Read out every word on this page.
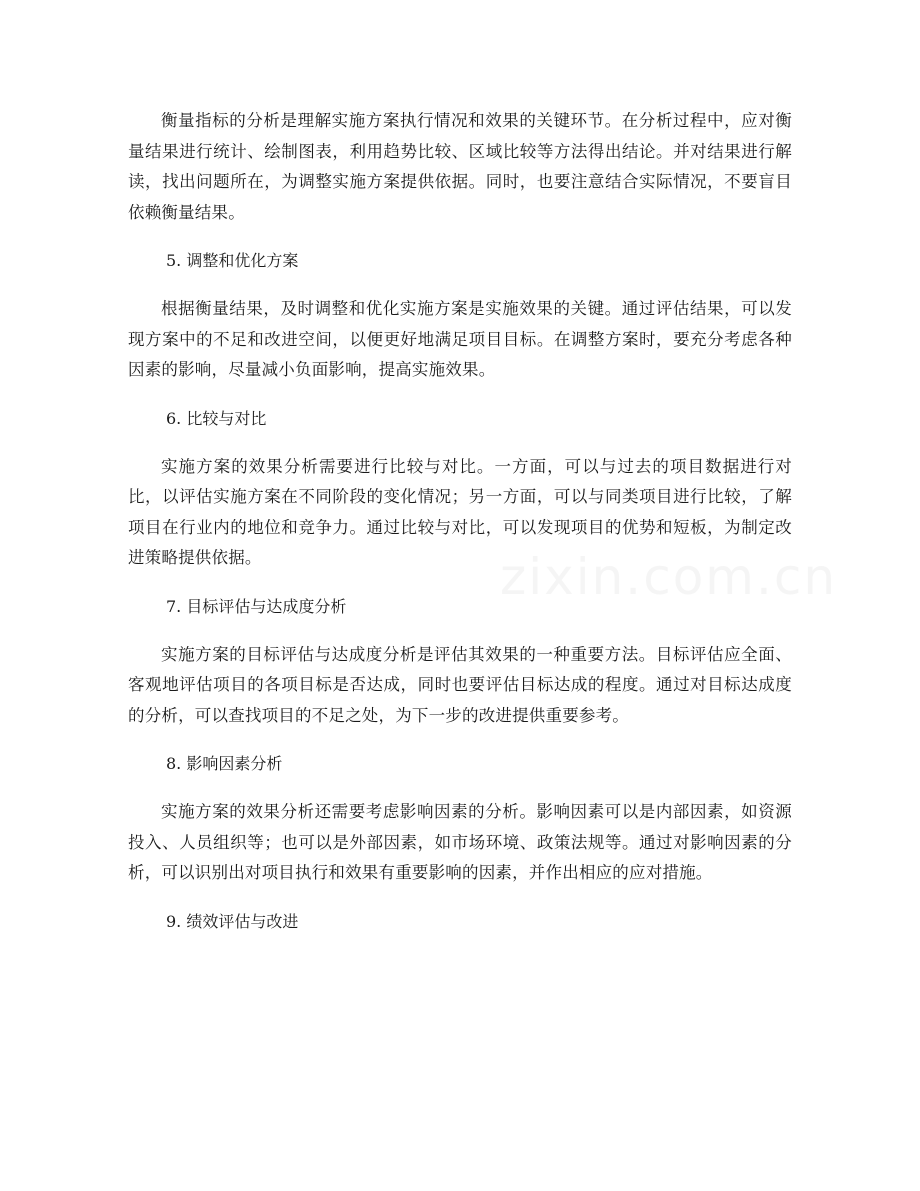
zixin.com.cn

衡量指标的分析是理解实施方案执行情况和效果的关键环节。在分析过程中，应对衡量结果进行统计、绘制图表，利用趋势比较、区域比较等方法得出结论。并对结果进行解读，找出问题所在，为调整实施方案提供依据。同时，也要注意结合实际情况，不要盲目依赖衡量结果。

5. 调整和优化方案

根据衡量结果，及时调整和优化实施方案是实施效果的关键。通过评估结果，可以发现方案中的不足和改进空间，以便更好地满足项目目标。在调整方案时，要充分考虑各种因素的影响，尽量减小负面影响，提高实施效果。

6. 比较与对比

实施方案的效果分析需要进行比较与对比。一方面，可以与过去的项目数据进行对比，以评估实施方案在不同阶段的变化情况；另一方面，可以与同类项目进行比较，了解项目在行业内的地位和竞争力。通过比较与对比，可以发现项目的优势和短板，为制定改进策略提供依据。

7. 目标评估与达成度分析

实施方案的目标评估与达成度分析是评估其效果的一种重要方法。目标评估应全面、客观地评估项目的各项目标是否达成，同时也要评估目标达成的程度。通过对目标达成度的分析，可以查找项目的不足之处，为下一步的改进提供重要参考。

8. 影响因素分析

实施方案的效果分析还需要考虑影响因素的分析。影响因素可以是内部因素，如资源投入、人员组织等；也可以是外部因素，如市场环境、政策法规等。通过对影响因素的分析，可以识别出对项目执行和效果有重要影响的因素，并作出相应的应对措施。

9. 绩效评估与改进
